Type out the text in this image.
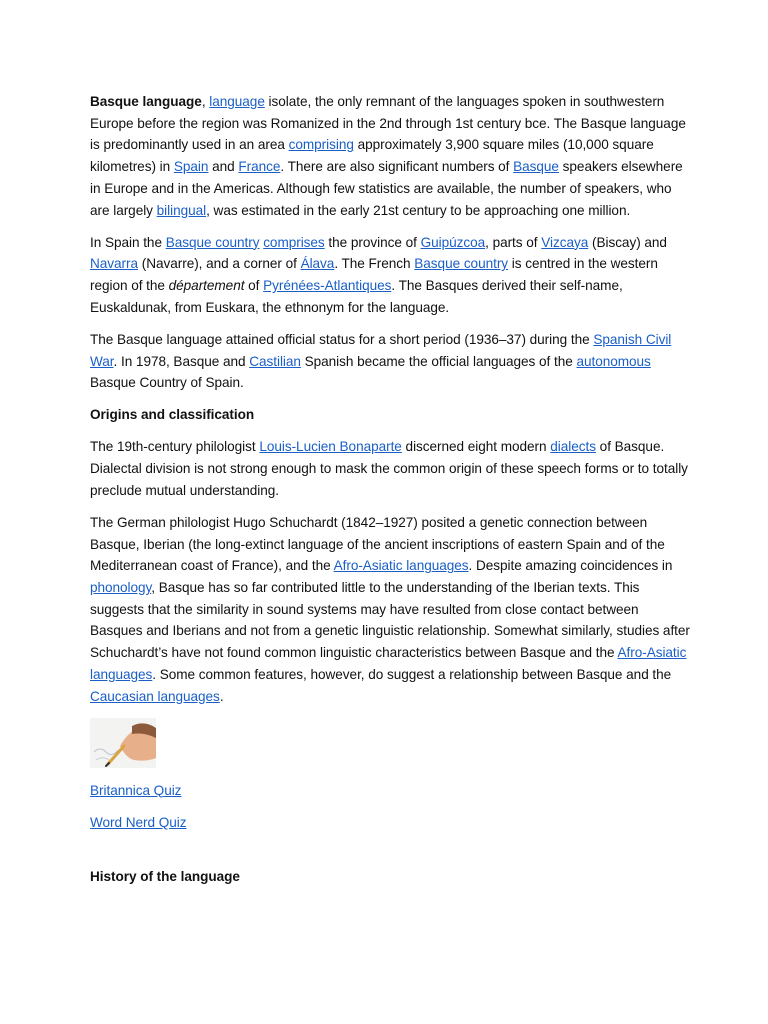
Basque language, language isolate, the only remnant of the languages spoken in southwestern Europe before the region was Romanized in the 2nd through 1st century bce. The Basque language is predominantly used in an area comprising approximately 3,900 square miles (10,000 square kilometres) in Spain and France. There are also significant numbers of Basque speakers elsewhere in Europe and in the Americas. Although few statistics are available, the number of speakers, who are largely bilingual, was estimated in the early 21st century to be approaching one million.

In Spain the Basque country comprises the province of Guipúzcoa, parts of Vizcaya (Biscay) and Navarra (Navarre), and a corner of Álava. The French Basque country is centred in the western region of the département of Pyrénées-Atlantiques. The Basques derived their self-name, Euskaldunak, from Euskara, the ethnonym for the language.

The Basque language attained official status for a short period (1936–37) during the Spanish Civil War. In 1978, Basque and Castilian Spanish became the official languages of the autonomous Basque Country of Spain.

Origins and classification

The 19th-century philologist Louis-Lucien Bonaparte discerned eight modern dialects of Basque. Dialectal division is not strong enough to mask the common origin of these speech forms or to totally preclude mutual understanding.

The German philologist Hugo Schuchardt (1842–1927) posited a genetic connection between Basque, Iberian (the long-extinct language of the ancient inscriptions of eastern Spain and of the Mediterranean coast of France), and the Afro-Asiatic languages. Despite amazing coincidences in phonology, Basque has so far contributed little to the understanding of the Iberian texts. This suggests that the similarity in sound systems may have resulted from close contact between Basques and Iberians and not from a genetic linguistic relationship. Somewhat similarly, studies after Schuchardt’s have not found common linguistic characteristics between Basque and the Afro-Asiatic languages. Some common features, however, do suggest a relationship between Basque and the Caucasian languages.

Britannica Quiz

Word Nerd Quiz

History of the language
